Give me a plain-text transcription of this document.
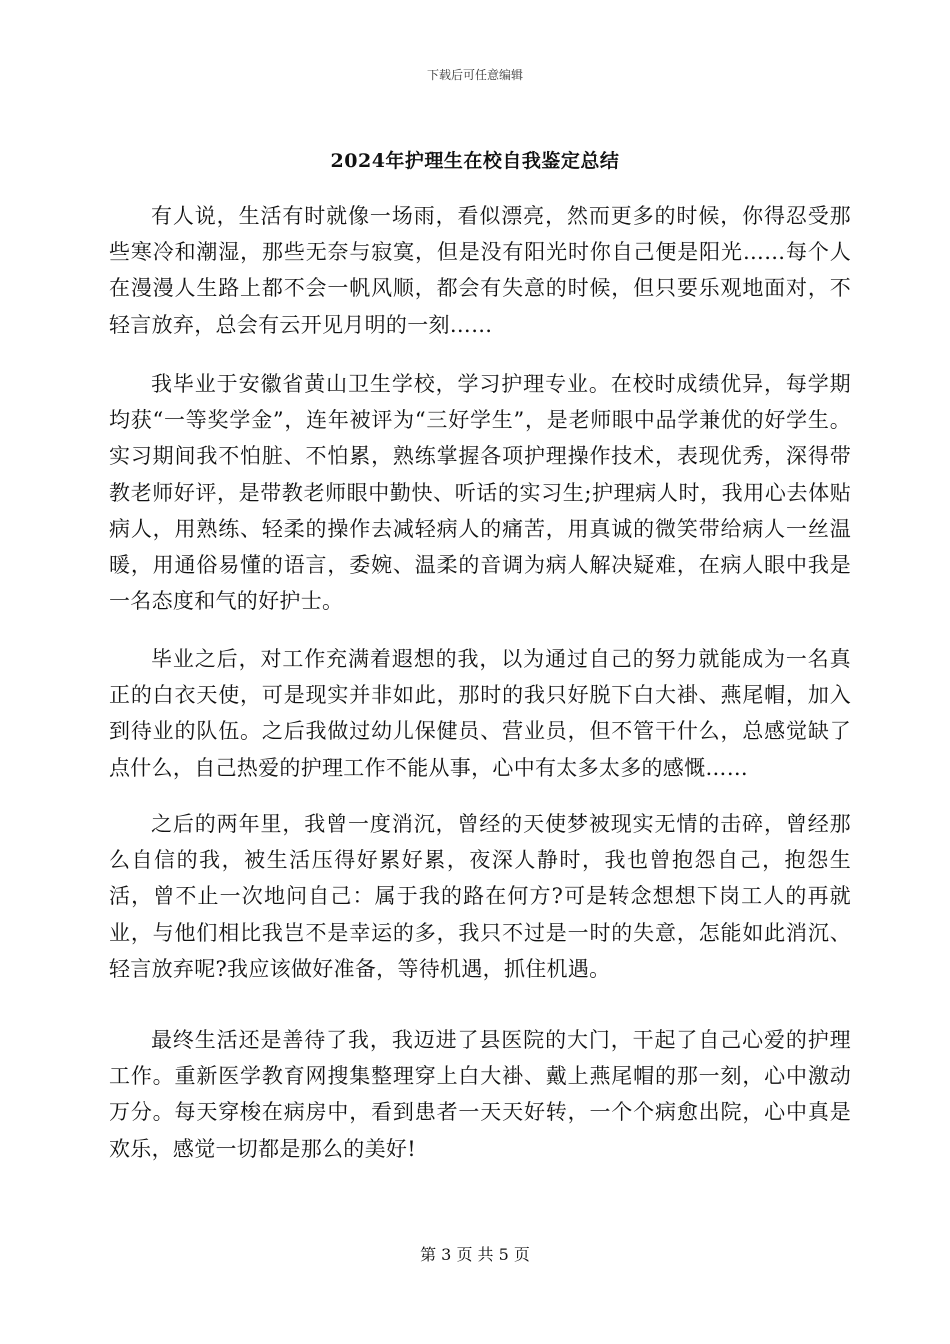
下载后可任意编辑
2024年护理生在校自我鉴定总结

有人说，生活有时就像一场雨，看似漂亮，然而更多的时候，你得忍受那些寒冷和潮湿，那些无奈与寂寞，但是没有阳光时你自己便是阳光……每个人在漫漫人生路上都不会一帆风顺，都会有失意的时候，但只要乐观地面对，不轻言放弃，总会有云开见月明的一刻……

我毕业于安徽省黄山卫生学校，学习护理专业。在校时成绩优异，每学期均获“一等奖学金”，连年被评为“三好学生”，是老师眼中品学兼优的好学生。实习期间我不怕脏、不怕累，熟练掌握各项护理操作技术，表现优秀，深得带教老师好评，是带教老师眼中勤快、听话的实习生;护理病人时，我用心去体贴病人，用熟练、轻柔的操作去减轻病人的痛苦，用真诚的微笑带给病人一丝温暖，用通俗易懂的语言，委婉、温柔的音调为病人解决疑难，在病人眼中我是一名态度和气的好护士。

毕业之后，对工作充满着遐想的我，以为通过自己的努力就能成为一名真正的白衣天使，可是现实并非如此，那时的我只好脱下白大褂、燕尾帽，加入到待业的队伍。之后我做过幼儿保健员、营业员，但不管干什么，总感觉缺了点什么，自己热爱的护理工作不能从事，心中有太多太多的感慨……

之后的两年里，我曾一度消沉，曾经的天使梦被现实无情的击碎，曾经那么自信的我，被生活压得好累好累，夜深人静时，我也曾抱怨自己，抱怨生活，曾不止一次地问自己：属于我的路在何方?可是转念想想下岗工人的再就业，与他们相比我岂不是幸运的多，我只不过是一时的失意，怎能如此消沉、轻言放弃呢?我应该做好准备，等待机遇，抓住机遇。

最终生活还是善待了我，我迈进了县医院的大门，干起了自己心爱的护理工作。重新医学教育网搜集整理穿上白大褂、戴上燕尾帽的那一刻，心中激动万分。每天穿梭在病房中，看到患者一天天好转，一个个病愈出院，心中真是欢乐，感觉一切都是那么的美好!

第 3 页 共 5 页
